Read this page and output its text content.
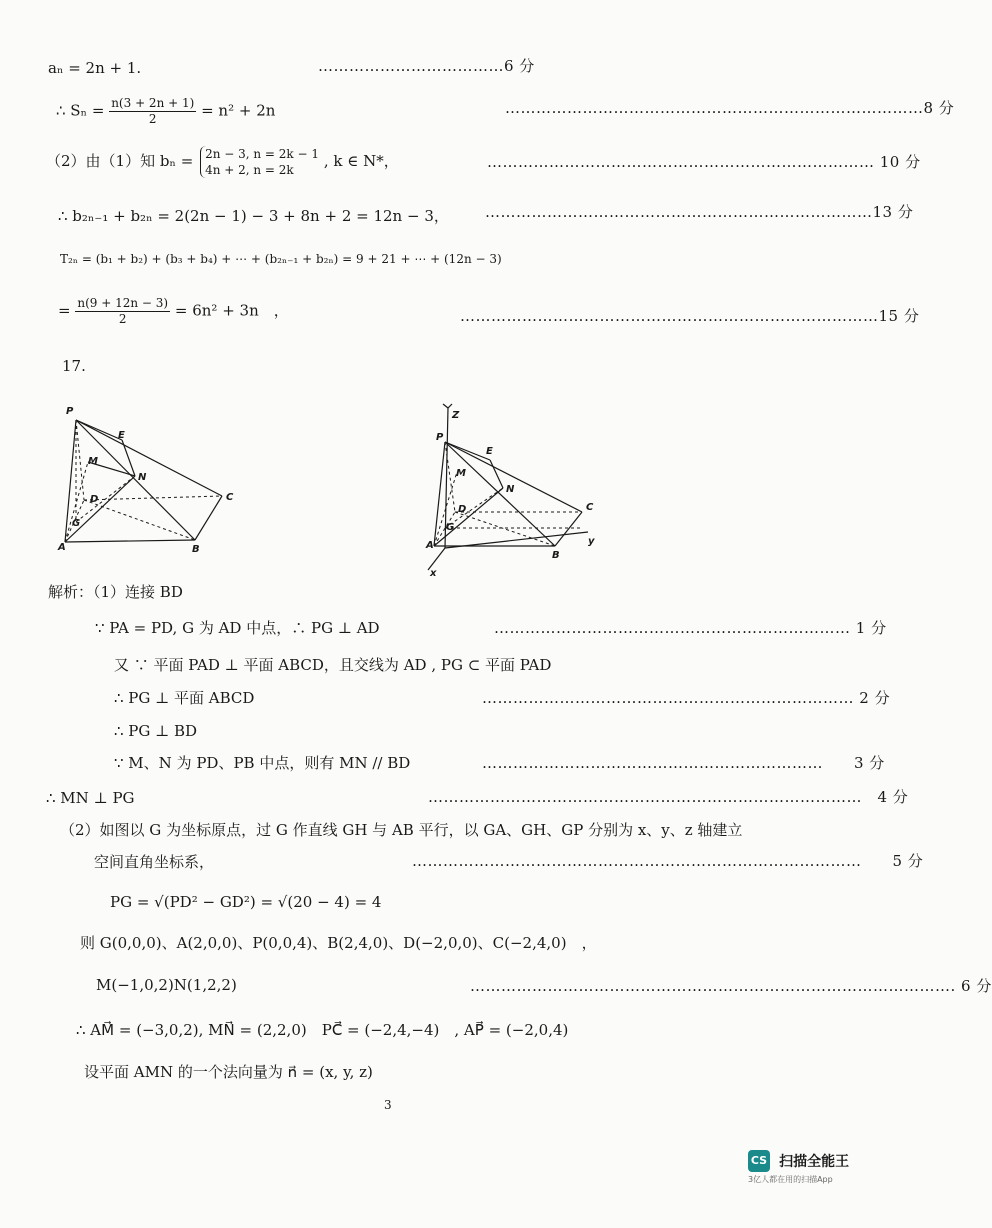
aₙ = 2n + 1.	………………………………6 分
∴ $S_n = \frac{n(3 + 2n + 1)}{2} = n^2 + 2n$	………………………………………………………………………8 分
（2）由（1）知 bₙ = 2n − 3, n = 2k − 1
4n + 2, n = 2k	, k ∈ N*，	………………………………………………………………… 10 分
∴ b₂ₙ₋₁ + b₂ₙ = 2(2n − 1) − 3 + 8n + 2 = 12n − 3， …………………………………………………………………13 分
T₂ₙ = (b₁ + b₂) + (b₃ + b₄) + ⋯ + (b₂ₙ₋₁ + b₂ₙ) = 9 + 21 + ⋯ + (12n − 3)
= $\frac{n(9 + 12n - 3)}{2} = 6n^2 + 3n$　，	………………………………………………………………………15 分
17.
P
E
M
N
D	C
G
A	B
Z
P
E
M
N
D	C
G
A
B
y
x
解析：（1）连接 BD
∵ PA = PD, G 为 AD 中点，∴ PG ⊥ AD	…………………………………………………………… 1 分
又 ∵ 平面 PAD ⊥ 平面 ABCD，且交线为 AD , PG ⊂ 平面 PAD
∴ PG ⊥ 平面 ABCD	……………………………………………………………… 2 分
∴ PG ⊥ BD
∵ M、N 为 PD、PB 中点，则有 MN // BD	…………………………………………………………　　3 分
∴ MN ⊥ PG	…………………………………………………………………………　4 分
（2）如图以 G 为坐标原点，过 G 作直线 GH 与 AB 平行，以 GA、GH、GP 分别为 x、y、z 轴建立
空间直角坐标系，	……………………………………………………………………………　　5 分
PG = √(PD² − GD²) = √(20 − 4) = 4
则 G(0,0,0)、A(2,0,0)、P(0,0,4)、B(2,4,0)、D(−2,0,0)、C(−2,4,0)　，
M(−1,0,2)N(1,2,2)	…………………………………………………………………………………. 6 分
∴ AM⃗ = (−3,0,2), MN⃗ = (2,2,0)　PC⃗ = (−2,4,−4)　, AP⃗ = (−2,0,4)
设平面 AMN 的一个法向量为 n⃗ = (x, y, z)
3
CS 扫描全能王
3亿人都在用的扫描App
